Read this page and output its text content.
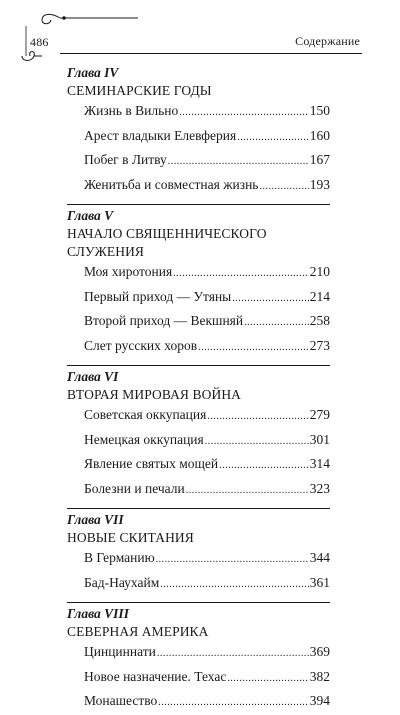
486	Содержание
Глава IV
СЕМИНАРСКИЕ ГОДЫ
Жизнь в Вильно .....	150
Арест владыки Елевферия .....	160
Побег в Литву .....	167
Женитьба и совместная жизнь .....	193
Глава V
НАЧАЛО СВЯЩЕННИЧЕСКОГО СЛУЖЕНИЯ
Моя хиротония .....	210
Первый приход — Утяны .....	214
Второй приход — Векшняй .....	258
Слет русских хоров .....	273
Глава VI
ВТОРАЯ МИРОВАЯ ВОЙНА
Советская оккупация .....	279
Немецкая оккупация .....	301
Явление святых мощей .....	314
Болезни и печали .....	323
Глава VII
НОВЫЕ СКИТАНИЯ
В Германию .....	344
Бад-Наухайм .....	361
Глава VIII
СЕВЕРНАЯ АМЕРИКА
Цинциннати .....	369
Новое назначение. Техас .....	382
Монашество .....	394
